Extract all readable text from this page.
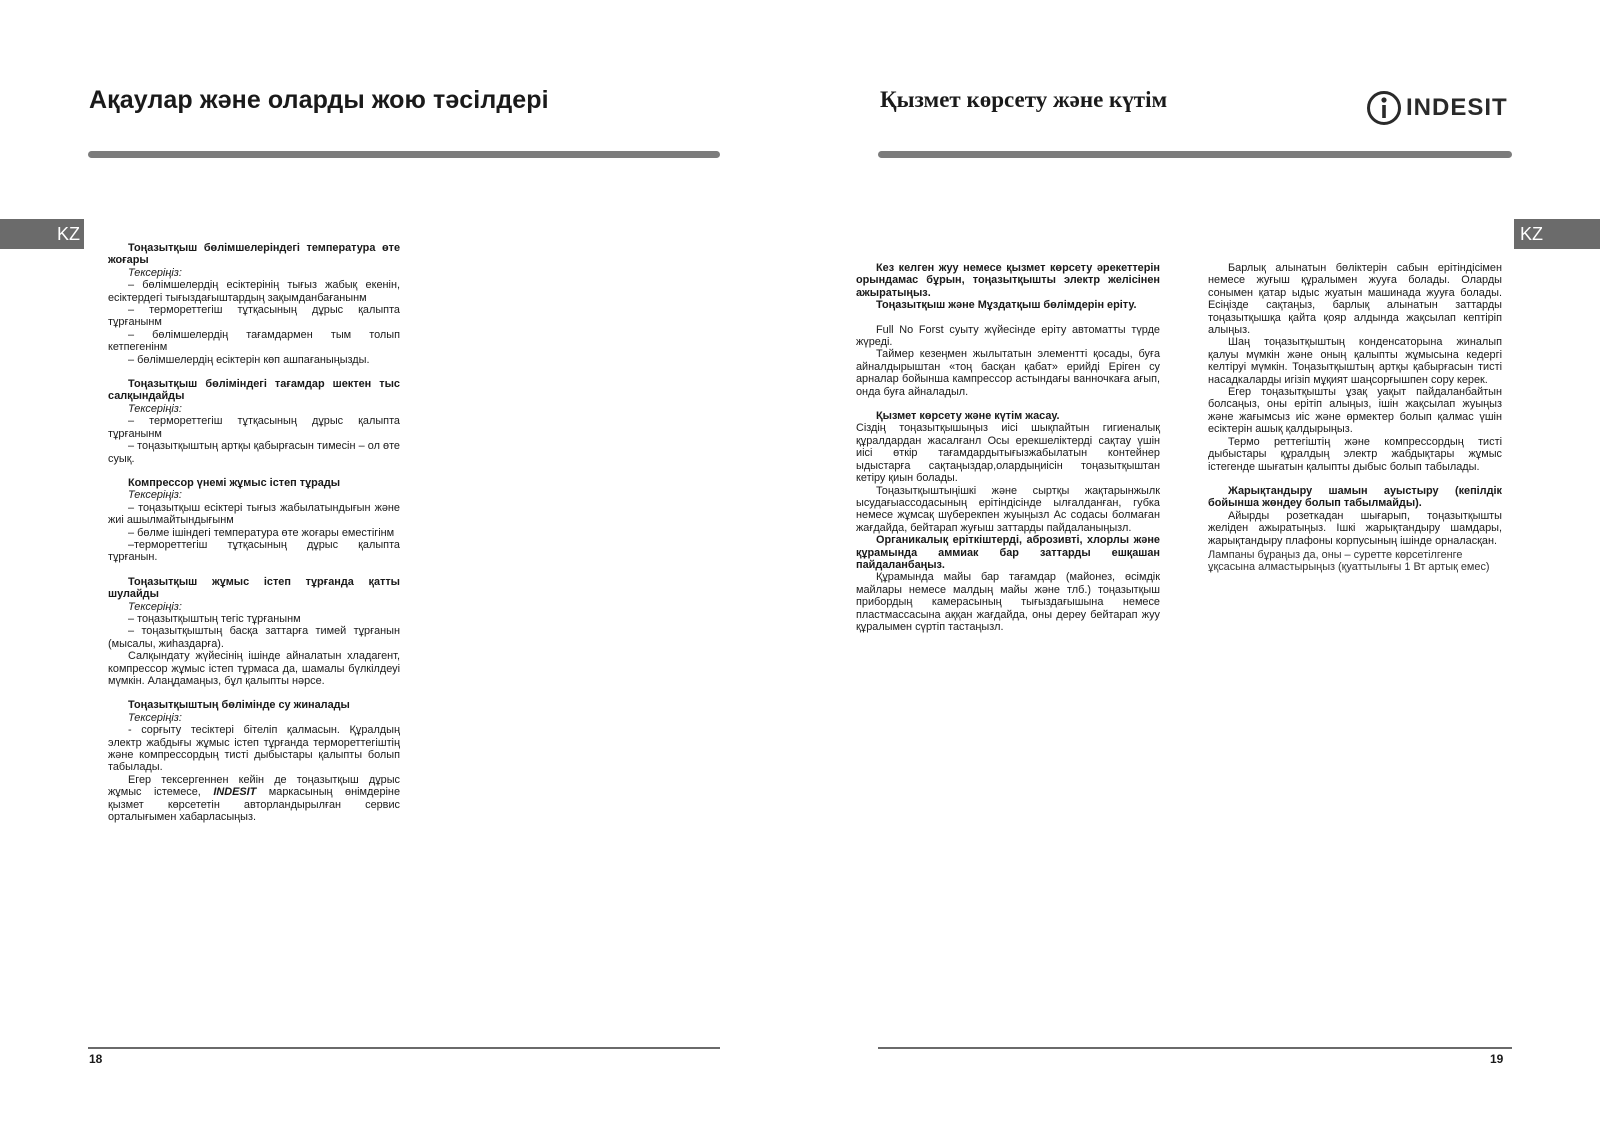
Ақаулар және оларды жою тәсілдері	Қызмет көрсету және күтім	INDESIT
KZ	KZ

Тоңазытқыш бөлімшелеріндегі температура өте жоғары

Тексеріңіз:

– бөлімшелердің есіктерінің тығыз жабық екенін, есіктердегі тығыздағыштардың зақымданбағанынм

– термореттегіш тұтқасының дұрыс қалыпта тұрғанынм

– бөлімшелердің тағамдармен тым толып кетпегенінм

– бөлімшелердің есіктерін көп ашпағаныңызды.

Тоңазытқыш бөліміндегі тағамдар шектен тыс салқындайды

Тексеріңіз:

– термореттегіш тұтқасының дұрыс қалыпта тұрғанынм

– тоңазытқыштың артқы қабырғасын тимесін – ол өте суық.

Компрессор үнемі жұмыс істеп тұрады

Тексеріңіз:

– тоңазытқыш есіктері тығыз жабылатындығын және жиі ашылмайтындығынм

– бөлме ішіндегі температура өте жоғары еместігінм

–термореттегіш тұтқасының дұрыс қалыпта тұрғанын.

Тоңазытқыш жұмыс істеп тұрғанда қатты шулайды

Тексеріңіз:

– тоңазытқыштың тегіс тұрғанынм

– тоңазытқыштың басқа заттарға тимей тұрғанын (мысалы, жиһаздарға).

Салқындату жүйесінің ішінде айналатын хладагент, компрессор жұмыс істеп тұрмаса да, шамалы бүлкілдеуі мүмкін. Алаңдамаңыз, бұл қалыпты нәрсе.

Тоңазытқыштың бөлімінде су жиналады

Тексеріңіз:

- сорғыту тесіктері бітеліп қалмасын. Құралдың электр жабдығы жұмыс істеп тұрғанда термореттегіштің және компрессордың тистi дыбыстары қалыпты болып табылады.

Егер тексергеннен кейін де тоңазытқыш дұрыс жұмыс істемесе, INDESIT маркасының өнімдеріне қызмет көрсететін авторландырылған сервис орталығымен хабарласыңыз.

Кез келген жуу немесе қызмет көрсету әрекеттерін орындамас бұрын, тоңазытқышты электр желісінен ажыратыңыз.

Тоңазытқыш және Мұздатқыш бөлімдерін еріту.

Full No Forst суыту жүйесінде еріту автоматты түрде жүреді.

Таймер кезеңмен жылытатын элементті қосады, буға айналдырыштан «тоң басқан қабат» ерийді Еріген су арналар бойынша кампрессор астындағы ванночкаға ағып, онда буға айналадыл.

Қызмет көрсету және күтім жасау.

Сіздің тоңазытқышыңыз иісі шықпайтын гигиеналық құралдардан жасалғанл Осы ерекшеліктерді сақтау үшін иісі өткір тағамдардытығызжабылатын контейнер ыдыстарға сақтаңыздар,олардыңиісін тоңазытқыштан кетіру қиын болады.

Тоңазытқыштыңішкі және сыртқы жақтарынжылк ысудағыассодасының ерітіндісінде ылғалданған, губка немесе жұмсақ шүберекпен жуыңызл Ас содасы болмаған жағдайда, бейтарап жуғыш заттарды пайдаланыңызл.

Органикалық еріткіштерді, аброзивті, хлорлы және құрамында аммиак бар заттарды ешқашан пайдаланбаңыз.

Құрамында майы бар тағамдар (майонез, өсімдік майлары немесе малдың майы және тлб.) тоңазытқыш прибордың камерасының тығыздағышына немесе пластмассасына аққан жағдайда, оны дереу бейтарап жуу құралымен сүртіп тастаңызл.

Барлық алынатын бөліктерін сабын ерітіндісімен немесе жуғыш құралымен жууға болады. Оларды сонымен қатар ыдыс жуатын машинада жууға болады. Есіңізде сақтаңыз, барлық алынатын заттарды тоңазытқышқа қайта қояр алдында жақсылап кептіріп алыңыз.

Шаң тоңазытқыштың конденсаторына жиналып қалуы мүмкін және оның қалыпты жұмысына кедергі келтіруі мүмкін. Тоңазытқыштың артқы қабырғасын тистi насадкаларды игізіп мұқият шаңсорғышпен сору керек.

Егер тоңазытқышты ұзақ уақыт пайдаланбайтын болсаңыз, оны ерітіп алыңыз, ішін жақсылап жуыңыз және жағымсыз иіс және өрмектер болып қалмас үшін есіктерін ашық қалдырыңыз.

Термо реттегіштің және компрессордың тистi дыбыстары құралдың электр жабдықтары жұмыс істегенде шығатын қалыпты дыбыс болып табылады.

Жарықтандыру шамын ауыстыру (кепілдік бойынша жөндеу болып табылмайды).

Айырды розеткадан шығарып, тоңазытқышты желіден ажыратыңыз. Ішкі жарықтандыру шамдары, жарықтандыру плафоны корпусының ішінде орналасқан.

Лампаны бұраңыз да, оны – суретте көрсетілгенге ұқсасына алмастырыңыз (қуаттылығы 1 Вт артық емес)

18	19
